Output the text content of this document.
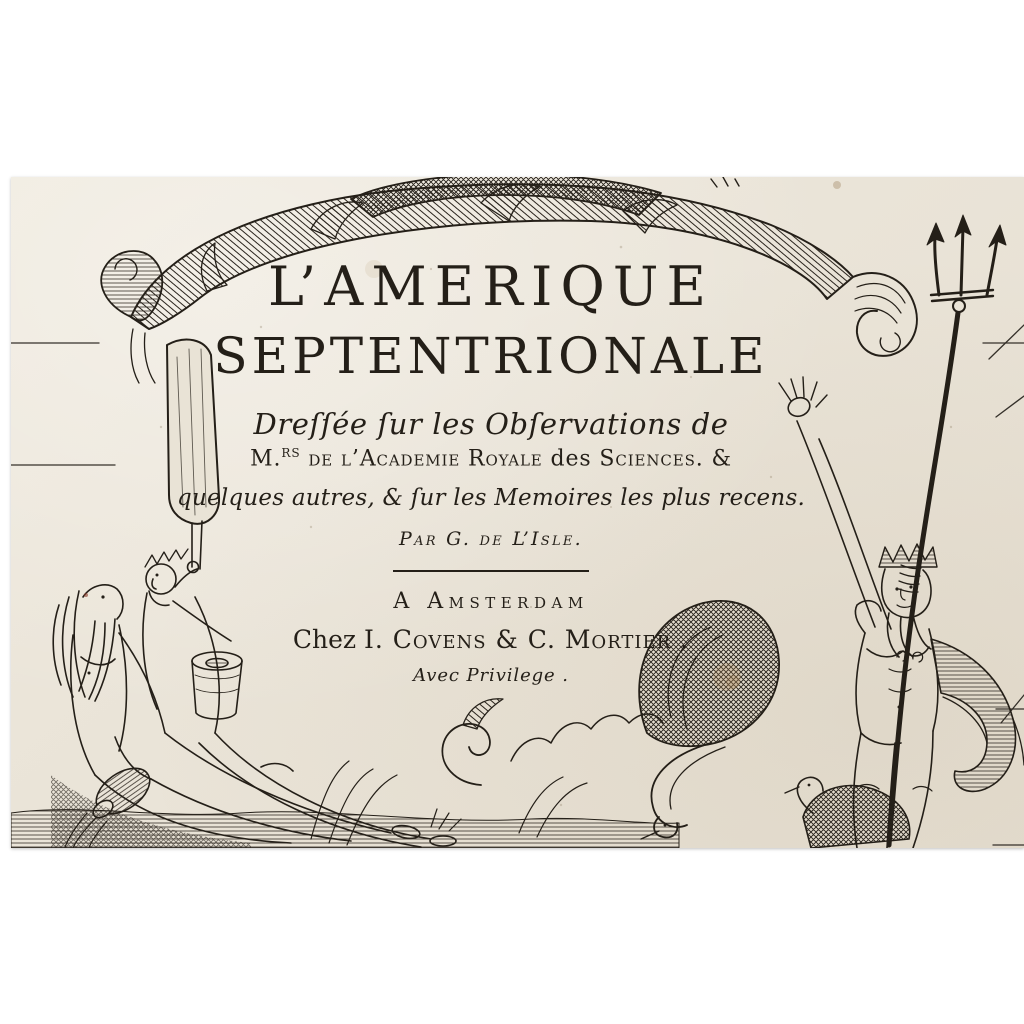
L’AMERIQUE
SEPTENTRIONALE
Dreſſée ſur les Obſervations de
M.$^{RS}$ de l’Academie Royale des Sciences. &
quelques autres, & ſur les Memoires les plus recens.
Par G. de L’Isle.
A Amsterdam
Chez I. Covens & C. Mortier .
Avec Privilege .
